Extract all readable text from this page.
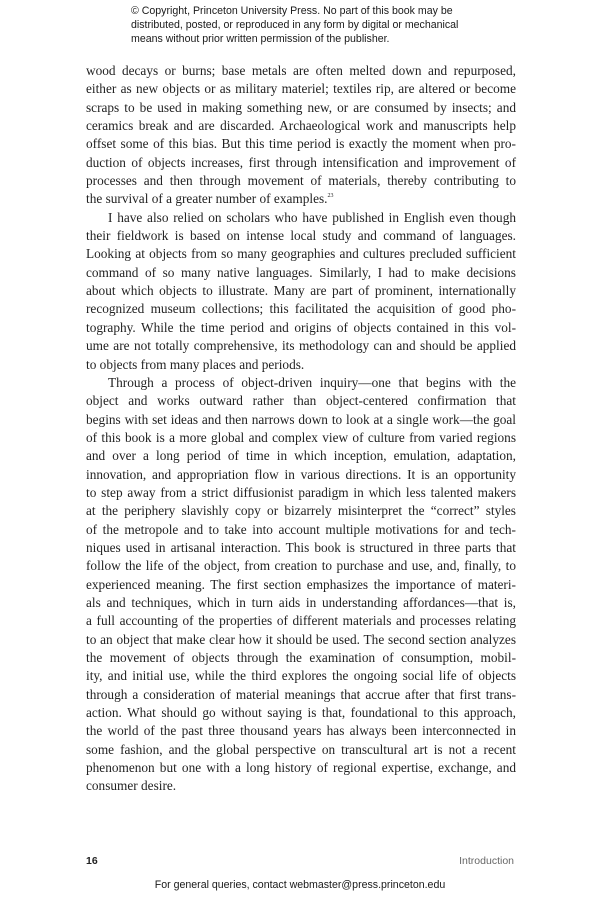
© Copyright, Princeton University Press. No part of this book may be
distributed, posted, or reproduced in any form by digital or mechanical
means without prior written permission of the publisher.
wood decays or burns; base metals are often melted down and repurposed,
either as new objects or as military materiel; textiles rip, are altered or become
scraps to be used in making something new, or are consumed by insects; and
ceramics break and are discarded. Archaeological work and manuscripts help
offset some of this bias. But this time period is exactly the moment when pro-
duction of objects increases, first through intensification and improvement of
processes and then through movement of materials, thereby contributing to
the survival of a greater number of examples.$^{23}$
I have also relied on scholars who have published in English even though
their fieldwork is based on intense local study and command of languages.
Looking at objects from so many geographies and cultures precluded sufficient
command of so many native languages. Similarly, I had to make decisions
about which objects to illustrate. Many are part of prominent, internationally
recognized museum collections; this facilitated the acquisition of good pho-
tography. While the time period and origins of objects contained in this vol-
ume are not totally comprehensive, its methodology can and should be applied
to objects from many places and periods.
Through a process of object-driven inquiry—one that begins with the
object and works outward rather than object-centered confirmation that
begins with set ideas and then narrows down to look at a single work—the goal
of this book is a more global and complex view of culture from varied regions
and over a long period of time in which inception, emulation, adaptation,
innovation, and appropriation flow in various directions. It is an opportunity
to step away from a strict diffusionist paradigm in which less talented makers
at the periphery slavishly copy or bizarrely misinterpret the “correct” styles
of the metropole and to take into account multiple motivations for and tech-
niques used in artisanal interaction. This book is structured in three parts that
follow the life of the object, from creation to purchase and use, and, finally, to
experienced meaning. The first section emphasizes the importance of materi-
als and techniques, which in turn aids in understanding affordances—that is,
a full accounting of the properties of different materials and processes relating
to an object that make clear how it should be used. The second section analyzes
the movement of objects through the examination of consumption, mobil-
ity, and initial use, while the third explores the ongoing social life of objects
through a consideration of material meanings that accrue after that first trans-
action. What should go without saying is that, foundational to this approach,
the world of the past three thousand years has always been interconnected in
some fashion, and the global perspective on transcultural art is not a recent
phenomenon but one with a long history of regional expertise, exchange, and
consumer desire.
16	Introduction
For general queries, contact webmaster@press.princeton.edu
